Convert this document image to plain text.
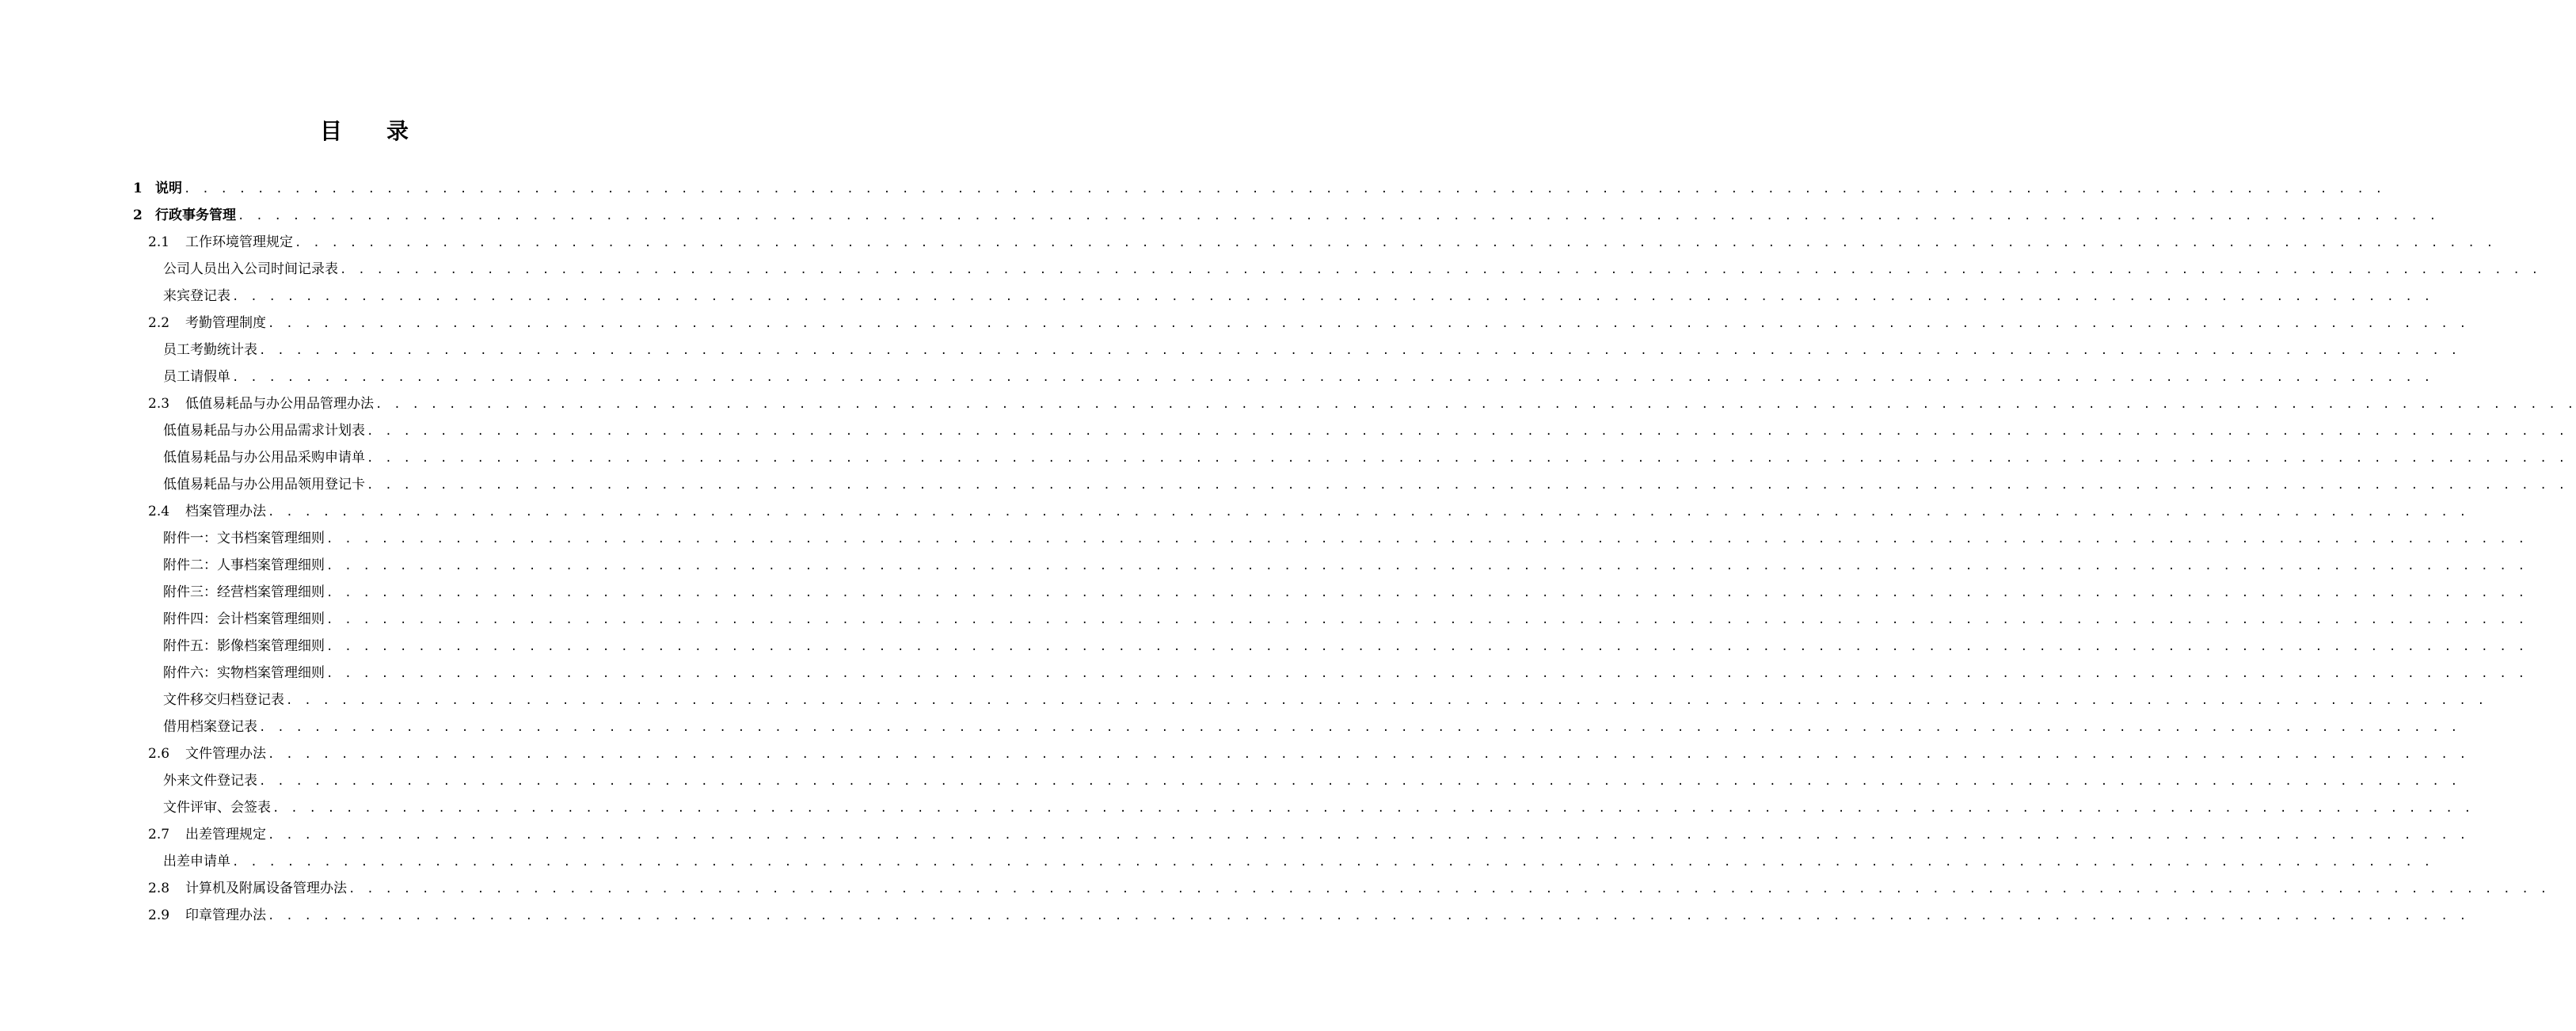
目 录
1 说明 . . . . . . . . . . . . . . . . . . . . . . . . . . . . . . . . . . . . . . . . . . . . . . . . . . . . . . . . . . . . . . . . . . . . . . . . . . . . . . . . . . . . . . . . . . . . . . . . . . . . . . . . . . . . . . . . . . . . . . . .
2 行政事务管理 . . . . . . . . . . . . . . . . . . . . . . . . . . . . . . . . . . . . . . . . . . . . . . . . . . . . . . . . . . . . . . . . . . . . . . . . . . . . . . . . . . . . . . . . . . . . . . . . . . . . . . . . . . . . . . . . . . . . . . . .
2.1 工作环境管理规定 . . . . . . . . . . . . . . . . . . . . . . . . . . . . . . . . . . . . . . . . . . . . . . . . . . . . . . . . . . . . . . . . . . . . . . . . . . . . . . . . . . . . . . . . . . . . . . . . . . . . . . . . . . . . . . . . . . . . . . . .
公司人员出入公司时间记录表 . . . . . . . . . . . . . . . . . . . . . . . . . . . . . . . . . . . . . . . . . . . . . . . . . . . . . . . . . . . . . . . . . . . . . . . . . . . . . . . . . . . . . . . . . . . . . . . . . . . . . . . . . . . . . . . . . . . . . . . .
来宾登记表 . . . . . . . . . . . . . . . . . . . . . . . . . . . . . . . . . . . . . . . . . . . . . . . . . . . . . . . . . . . . . . . . . . . . . . . . . . . . . . . . . . . . . . . . . . . . . . . . . . . . . . . . . . . . . . . . . . . . . . . .
2.2 考勤管理制度 . . . . . . . . . . . . . . . . . . . . . . . . . . . . . . . . . . . . . . . . . . . . . . . . . . . . . . . . . . . . . . . . . . . . . . . . . . . . . . . . . . . . . . . . . . . . . . . . . . . . . . . . . . . . . . . . . . . . . . . .
员工考勤统计表 . . . . . . . . . . . . . . . . . . . . . . . . . . . . . . . . . . . . . . . . . . . . . . . . . . . . . . . . . . . . . . . . . . . . . . . . . . . . . . . . . . . . . . . . . . . . . . . . . . . . . . . . . . . . . . . . . . . . . . . .
员工请假单 . . . . . . . . . . . . . . . . . . . . . . . . . . . . . . . . . . . . . . . . . . . . . . . . . . . . . . . . . . . . . . . . . . . . . . . . . . . . . . . . . . . . . . . . . . . . . . . . . . . . . . . . . . . . . . . . . . . . . . . .
2.3 低值易耗品与办公用品管理办法 . . . . . . . . . . . . . . . . . . . . . . . . . . . . . . . . . . . . . . . . . . . . . . . . . . . . . . . . . . . . . . . . . . . . . . . . . . . . . . . . . . . . . . . . . . . . . . . . . . . . . . . . . . . . . . . . . . . . . . . .
低值易耗品与办公用品需求计划表 . . . . . . . . . . . . . . . . . . . . . . . . . . . . . . . . . . . . . . . . . . . . . . . . . . . . . . . . . . . . . . . . . . . . . . . . . . . . . . . . . . . . . . . . . . . . . . . . . . . . . . . . . . . . . . . . . . . . . . . .
低值易耗品与办公用品采购申请单 . . . . . . . . . . . . . . . . . . . . . . . . . . . . . . . . . . . . . . . . . . . . . . . . . . . . . . . . . . . . . . . . . . . . . . . . . . . . . . . . . . . . . . . . . . . . . . . . . . . . . . . . . . . . . . . . . . . . . . . .
低值易耗品与办公用品领用登记卡 . . . . . . . . . . . . . . . . . . . . . . . . . . . . . . . . . . . . . . . . . . . . . . . . . . . . . . . . . . . . . . . . . . . . . . . . . . . . . . . . . . . . . . . . . . . . . . . . . . . . . . . . . . . . . . . . . . . . . . . .
2.4 档案管理办法 . . . . . . . . . . . . . . . . . . . . . . . . . . . . . . . . . . . . . . . . . . . . . . . . . . . . . . . . . . . . . . . . . . . . . . . . . . . . . . . . . . . . . . . . . . . . . . . . . . . . . . . . . . . . . . . . . . . . . . . .
附件一：文书档案管理细则 . . . . . . . . . . . . . . . . . . . . . . . . . . . . . . . . . . . . . . . . . . . . . . . . . . . . . . . . . . . . . . . . . . . . . . . . . . . . . . . . . . . . . . . . . . . . . . . . . . . . . . . . . . . . . . . . . . . . . . . .
附件二：人事档案管理细则 . . . . . . . . . . . . . . . . . . . . . . . . . . . . . . . . . . . . . . . . . . . . . . . . . . . . . . . . . . . . . . . . . . . . . . . . . . . . . . . . . . . . . . . . . . . . . . . . . . . . . . . . . . . . . . . . . . . . . . . .
附件三：经营档案管理细则 . . . . . . . . . . . . . . . . . . . . . . . . . . . . . . . . . . . . . . . . . . . . . . . . . . . . . . . . . . . . . . . . . . . . . . . . . . . . . . . . . . . . . . . . . . . . . . . . . . . . . . . . . . . . . . . . . . . . . . . .
附件四：会计档案管理细则 . . . . . . . . . . . . . . . . . . . . . . . . . . . . . . . . . . . . . . . . . . . . . . . . . . . . . . . . . . . . . . . . . . . . . . . . . . . . . . . . . . . . . . . . . . . . . . . . . . . . . . . . . . . . . . . . . . . . . . . .
附件五：影像档案管理细则 . . . . . . . . . . . . . . . . . . . . . . . . . . . . . . . . . . . . . . . . . . . . . . . . . . . . . . . . . . . . . . . . . . . . . . . . . . . . . . . . . . . . . . . . . . . . . . . . . . . . . . . . . . . . . . . . . . . . . . . .
附件六：实物档案管理细则 . . . . . . . . . . . . . . . . . . . . . . . . . . . . . . . . . . . . . . . . . . . . . . . . . . . . . . . . . . . . . . . . . . . . . . . . . . . . . . . . . . . . . . . . . . . . . . . . . . . . . . . . . . . . . . . . . . . . . . . .
文件移交归档登记表 . . . . . . . . . . . . . . . . . . . . . . . . . . . . . . . . . . . . . . . . . . . . . . . . . . . . . . . . . . . . . . . . . . . . . . . . . . . . . . . . . . . . . . . . . . . . . . . . . . . . . . . . . . . . . . . . . . . . . . . .
借用档案登记表 . . . . . . . . . . . . . . . . . . . . . . . . . . . . . . . . . . . . . . . . . . . . . . . . . . . . . . . . . . . . . . . . . . . . . . . . . . . . . . . . . . . . . . . . . . . . . . . . . . . . . . . . . . . . . . . . . . . . . . . .
2.6 文件管理办法 . . . . . . . . . . . . . . . . . . . . . . . . . . . . . . . . . . . . . . . . . . . . . . . . . . . . . . . . . . . . . . . . . . . . . . . . . . . . . . . . . . . . . . . . . . . . . . . . . . . . . . . . . . . . . . . . . . . . . . . .
外来文件登记表 . . . . . . . . . . . . . . . . . . . . . . . . . . . . . . . . . . . . . . . . . . . . . . . . . . . . . . . . . . . . . . . . . . . . . . . . . . . . . . . . . . . . . . . . . . . . . . . . . . . . . . . . . . . . . . . . . . . . . . . .
文件评审、会签表 . . . . . . . . . . . . . . . . . . . . . . . . . . . . . . . . . . . . . . . . . . . . . . . . . . . . . . . . . . . . . . . . . . . . . . . . . . . . . . . . . . . . . . . . . . . . . . . . . . . . . . . . . . . . . . . . . . . . . . . .
2.7 出差管理规定 . . . . . . . . . . . . . . . . . . . . . . . . . . . . . . . . . . . . . . . . . . . . . . . . . . . . . . . . . . . . . . . . . . . . . . . . . . . . . . . . . . . . . . . . . . . . . . . . . . . . . . . . . . . . . . . . . . . . . . . .
出差申请单 . . . . . . . . . . . . . . . . . . . . . . . . . . . . . . . . . . . . . . . . . . . . . . . . . . . . . . . . . . . . . . . . . . . . . . . . . . . . . . . . . . . . . . . . . . . . . . . . . . . . . . . . . . . . . . . . . . . . . . . .
2.8 计算机及附属设备管理办法 . . . . . . . . . . . . . . . . . . . . . . . . . . . . . . . . . . . . . . . . . . . . . . . . . . . . . . . . . . . . . . . . . . . . . . . . . . . . . . . . . . . . . . . . . . . . . . . . . . . . . . . . . . . . . . . . . . . . . . . .
2.9 印章管理办法 . . . . . . . . . . . . . . . . . . . . . . . . . . . . . . . . . . . . . . . . . . . . . . . . . . . . . . . . . . . . . . . . . . . . . . . . . . . . . . . . . . . . . . . . . . . . . . . . . . . . . . . . . . . . . . . . . . . . . . . .
